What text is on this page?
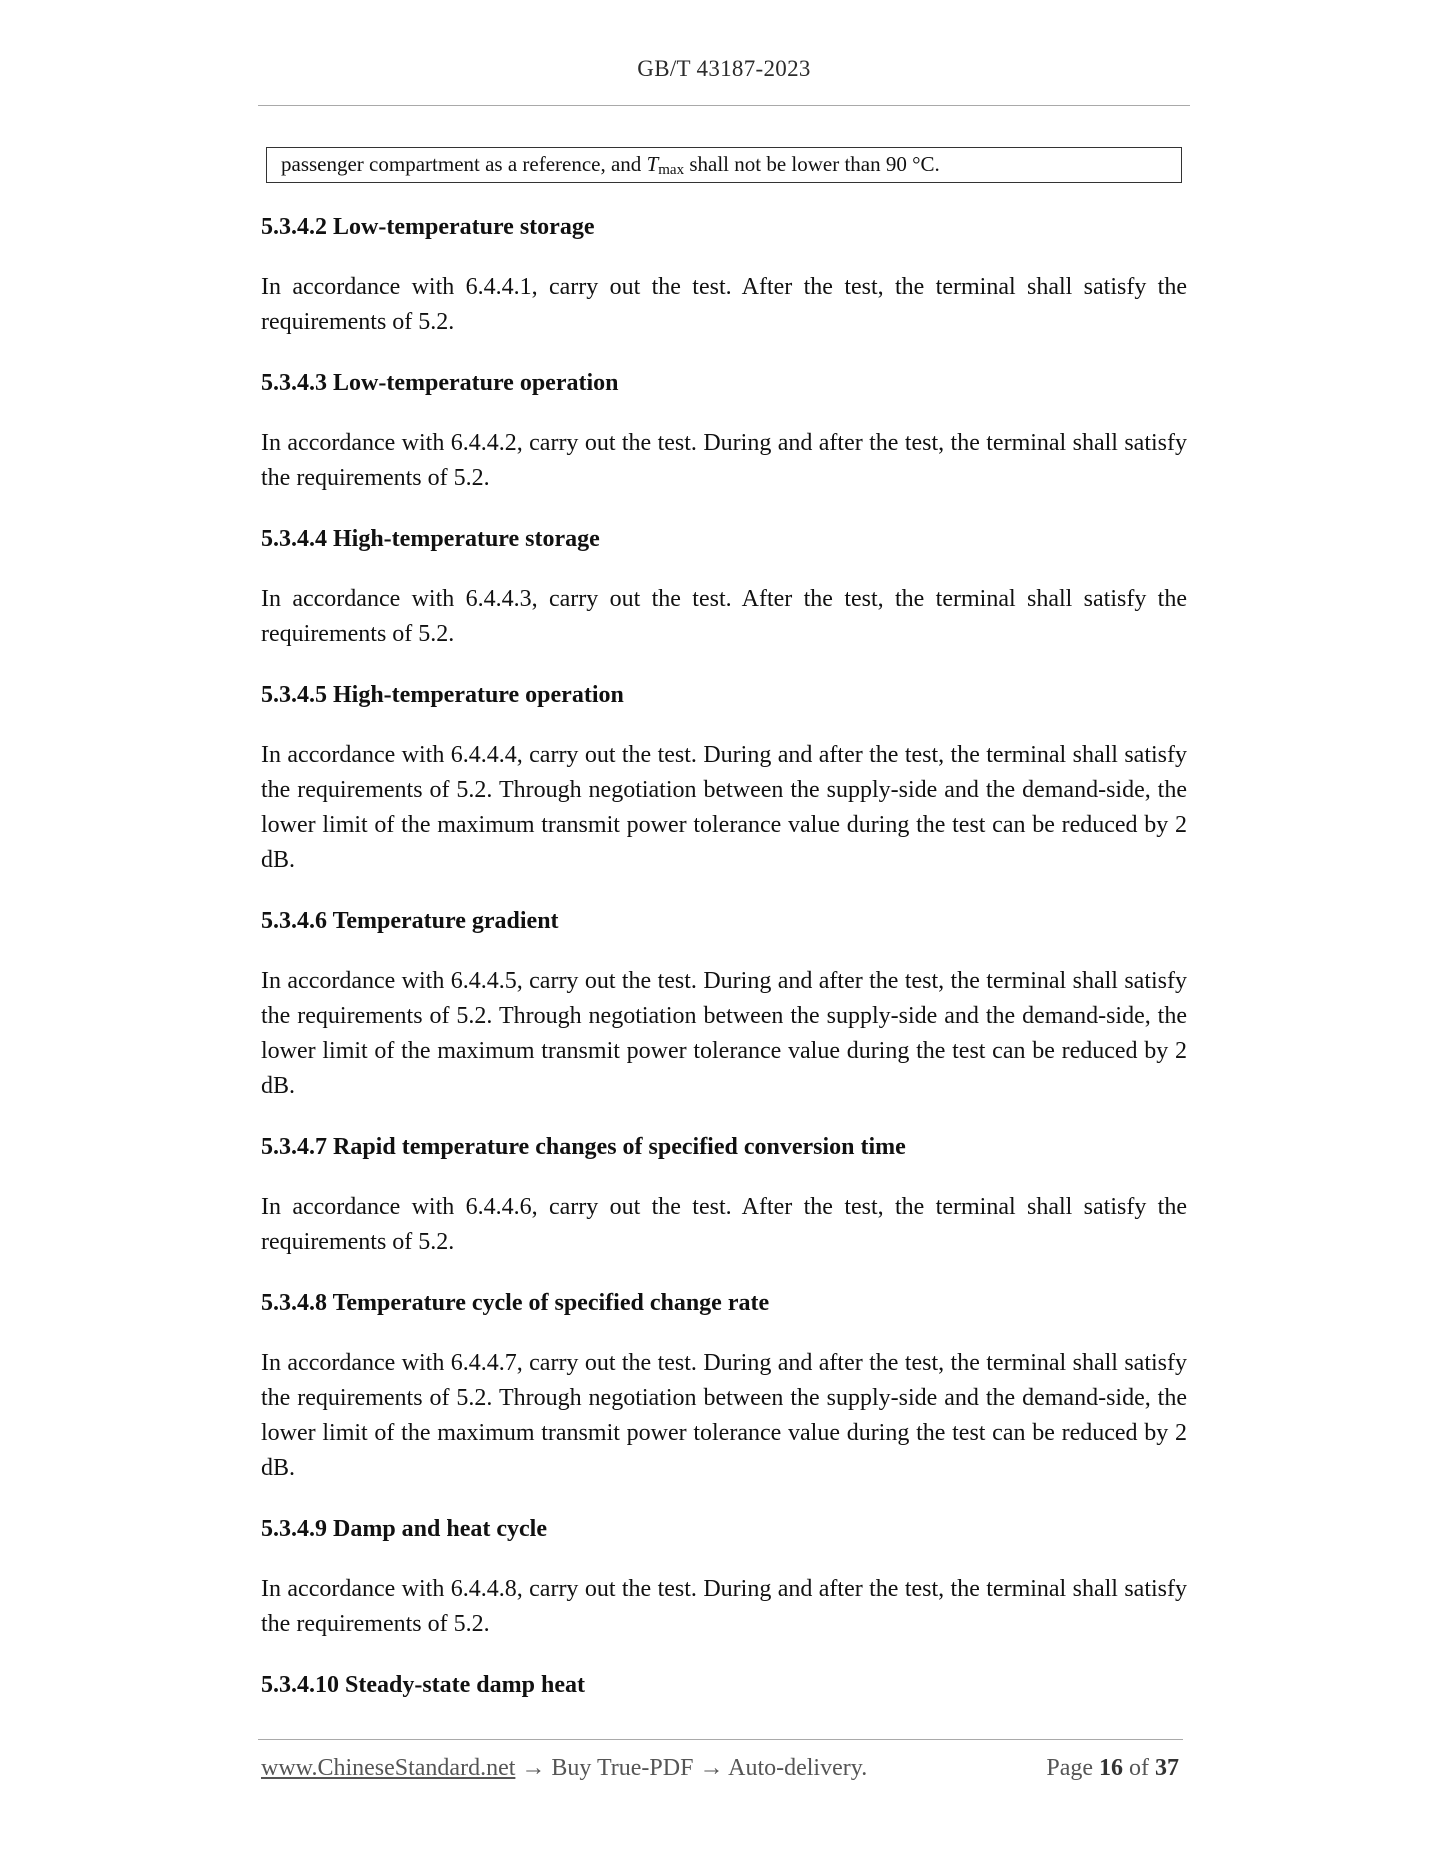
GB/T 43187-2023
passenger compartment as a reference, and $T_{max}$ shall not be lower than 90 °C.

5.3.4.2 Low-temperature storage

In accordance with 6.4.4.1, carry out the test. After the test, the terminal shall satisfy the requirements of 5.2.

5.3.4.3 Low-temperature operation

In accordance with 6.4.4.2, carry out the test. During and after the test, the terminal shall satisfy the requirements of 5.2.

5.3.4.4 High-temperature storage

In accordance with 6.4.4.3, carry out the test. After the test, the terminal shall satisfy the requirements of 5.2.

5.3.4.5 High-temperature operation

In accordance with 6.4.4.4, carry out the test. During and after the test, the terminal shall satisfy the requirements of 5.2. Through negotiation between the supply-side and the demand-side, the lower limit of the maximum transmit power tolerance value during the test can be reduced by 2 dB.

5.3.4.6 Temperature gradient

In accordance with 6.4.4.5, carry out the test. During and after the test, the terminal shall satisfy the requirements of 5.2. Through negotiation between the supply-side and the demand-side, the lower limit of the maximum transmit power tolerance value during the test can be reduced by 2 dB.

5.3.4.7 Rapid temperature changes of specified conversion time

In accordance with 6.4.4.6, carry out the test. After the test, the terminal shall satisfy the requirements of 5.2.

5.3.4.8 Temperature cycle of specified change rate

In accordance with 6.4.4.7, carry out the test. During and after the test, the terminal shall satisfy the requirements of 5.2. Through negotiation between the supply-side and the demand-side, the lower limit of the maximum transmit power tolerance value during the test can be reduced by 2 dB.

5.3.4.9 Damp and heat cycle

In accordance with 6.4.4.8, carry out the test. During and after the test, the terminal shall satisfy the requirements of 5.2.

5.3.4.10 Steady-state damp heat

www.ChineseStandard.net → Buy True-PDF → Auto-delivery.	Page 16 of 37
